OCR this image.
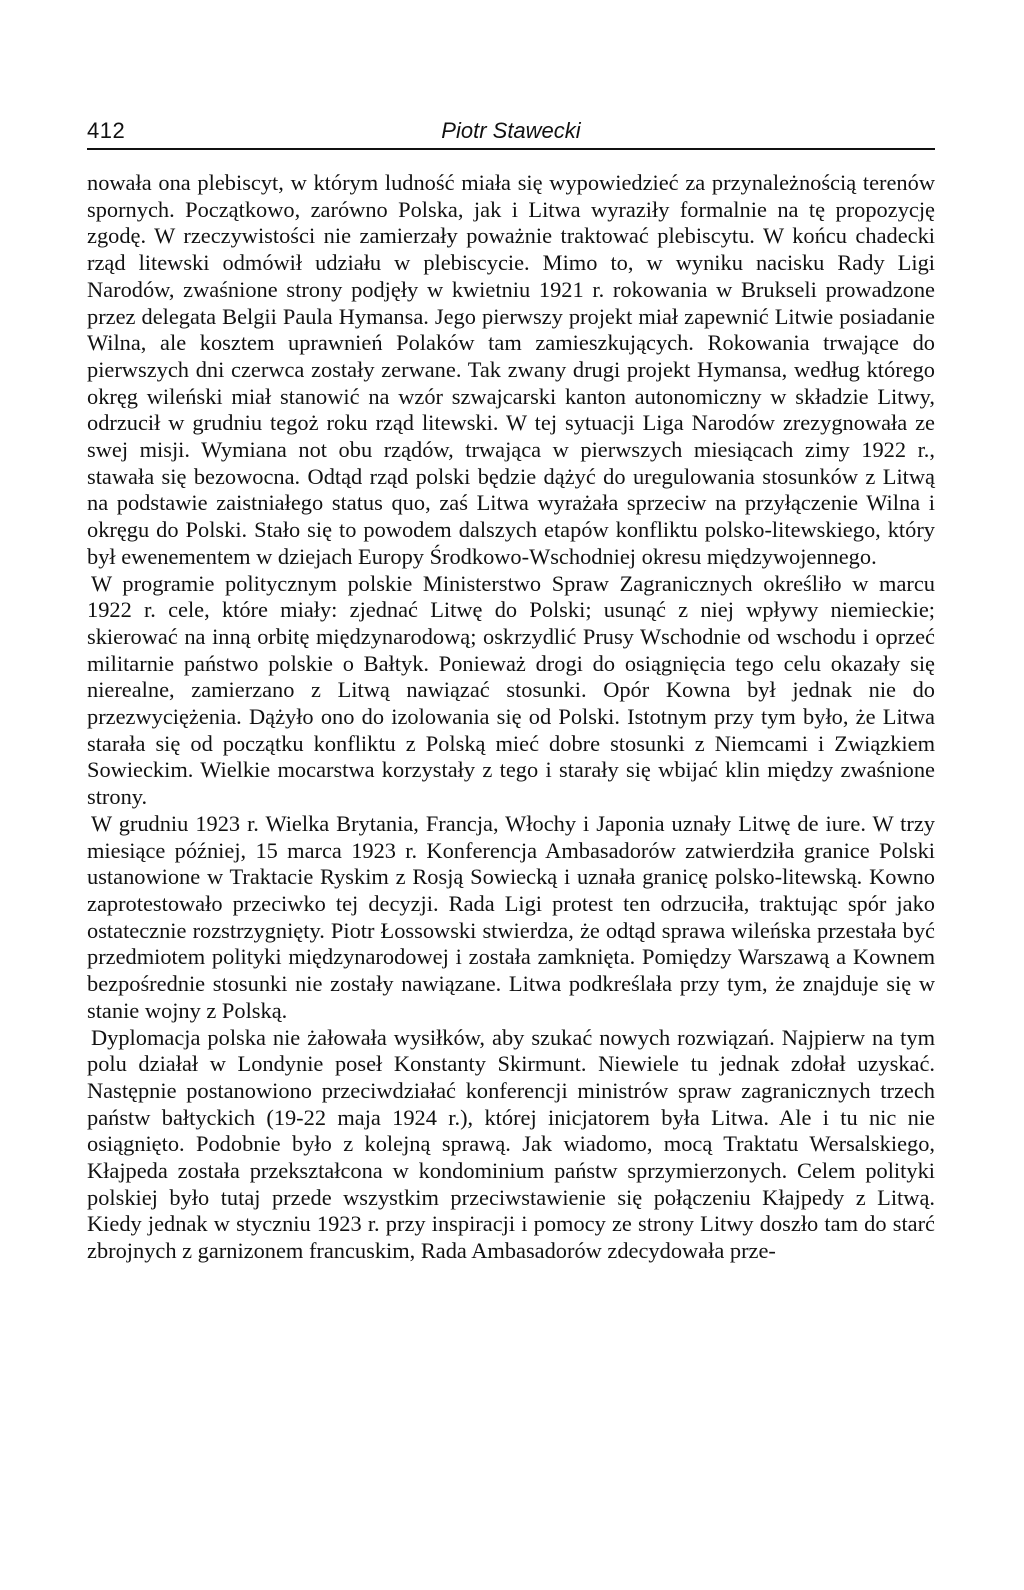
412	Piotr Stawecki

nowała ona plebiscyt, w którym ludność miała się wypowiedzieć za przynależnością terenów spornych. Początkowo, zarówno Polska, jak i Litwa wyraziły formalnie na tę propozycję zgodę. W rzeczywistości nie zamierzały poważnie traktować plebiscytu. W końcu chadecki rząd litewski odmówił udziału w plebiscycie. Mimo to, w wyniku nacisku Rady Ligi Narodów, zwaśnione strony podjęły w kwietniu 1921 r. rokowania w Brukseli prowadzone przez delegata Belgii Paula Hymansa. Jego pierwszy projekt miał zapewnić Litwie posiadanie Wilna, ale kosztem uprawnień Polaków tam zamieszkujących. Rokowania trwające do pierwszych dni czerwca zostały zerwane. Tak zwany drugi projekt Hymansa, według którego okręg wileński miał stanowić na wzór szwajcarski kanton autonomiczny w składzie Litwy, odrzucił w grudniu tegoż roku rząd litewski. W tej sytuacji Liga Narodów zrezygnowała ze swej misji. Wymiana not obu rządów, trwająca w pierwszych miesiącach zimy 1922 r., stawała się bezowocna. Odtąd rząd polski będzie dążyć do uregulowania stosunków z Litwą na podstawie zaistniałego status quo, zaś Litwa wyrażała sprzeciw na przyłączenie Wilna i okręgu do Polski. Stało się to powodem dalszych etapów konfliktu polsko-litewskiego, który był ewenementem w dziejach Europy Środkowo-Wschodniej okresu międzywojennego.

W programie politycznym polskie Ministerstwo Spraw Zagranicznych określiło w marcu 1922 r. cele, które miały: zjednać Litwę do Polski; usunąć z niej wpływy niemieckie; skierować na inną orbitę międzynarodową; oskrzydlić Prusy Wschodnie od wschodu i oprzeć militarnie państwo polskie o Bałtyk. Ponieważ drogi do osiągnięcia tego celu okazały się nierealne, zamierzano z Litwą nawiązać stosunki. Opór Kowna był jednak nie do przezwyciężenia. Dążyło ono do izolowania się od Polski. Istotnym przy tym było, że Litwa starała się od początku konfliktu z Polską mieć dobre stosunki z Niemcami i Związkiem Sowieckim. Wielkie mocarstwa korzystały z tego i starały się wbijać klin między zwaśnione strony.

W grudniu 1923 r. Wielka Brytania, Francja, Włochy i Japonia uznały Litwę de iure. W trzy miesiące później, 15 marca 1923 r. Konferencja Ambasadorów zatwierdziła granice Polski ustanowione w Traktacie Ryskim z Rosją Sowiecką i uznała granicę polsko-litewską. Kowno zaprotestowało przeciwko tej decyzji. Rada Ligi protest ten odrzuciła, traktując spór jako ostatecznie rozstrzygnięty. Piotr Łossowski stwierdza, że odtąd sprawa wileńska przestała być przedmiotem polityki międzynarodowej i została zamknięta. Pomiędzy Warszawą a Kownem bezpośrednie stosunki nie zostały nawiązane. Litwa podkreślała przy tym, że znajduje się w stanie wojny z Polską.

Dyplomacja polska nie żałowała wysiłków, aby szukać nowych rozwiązań. Najpierw na tym polu działał w Londynie poseł Konstanty Skirmunt. Niewiele tu jednak zdołał uzyskać. Następnie postanowiono przeciwdziałać konferencji ministrów spraw zagranicznych trzech państw bałtyckich (19-22 maja 1924 r.), której inicjatorem była Litwa. Ale i tu nic nie osiągnięto. Podobnie było z kolejną sprawą. Jak wiadomo, mocą Traktatu Wersalskiego, Kłajpeda została przekształcona w kondominium państw sprzymierzonych. Celem polityki polskiej było tutaj przede wszystkim przeciwstawienie się połączeniu Kłajpedy z Litwą. Kiedy jednak w styczniu 1923 r. przy inspiracji i pomocy ze strony Litwy doszło tam do starć zbrojnych z garnizonem francuskim, Rada Ambasadorów zdecydowała prze-
